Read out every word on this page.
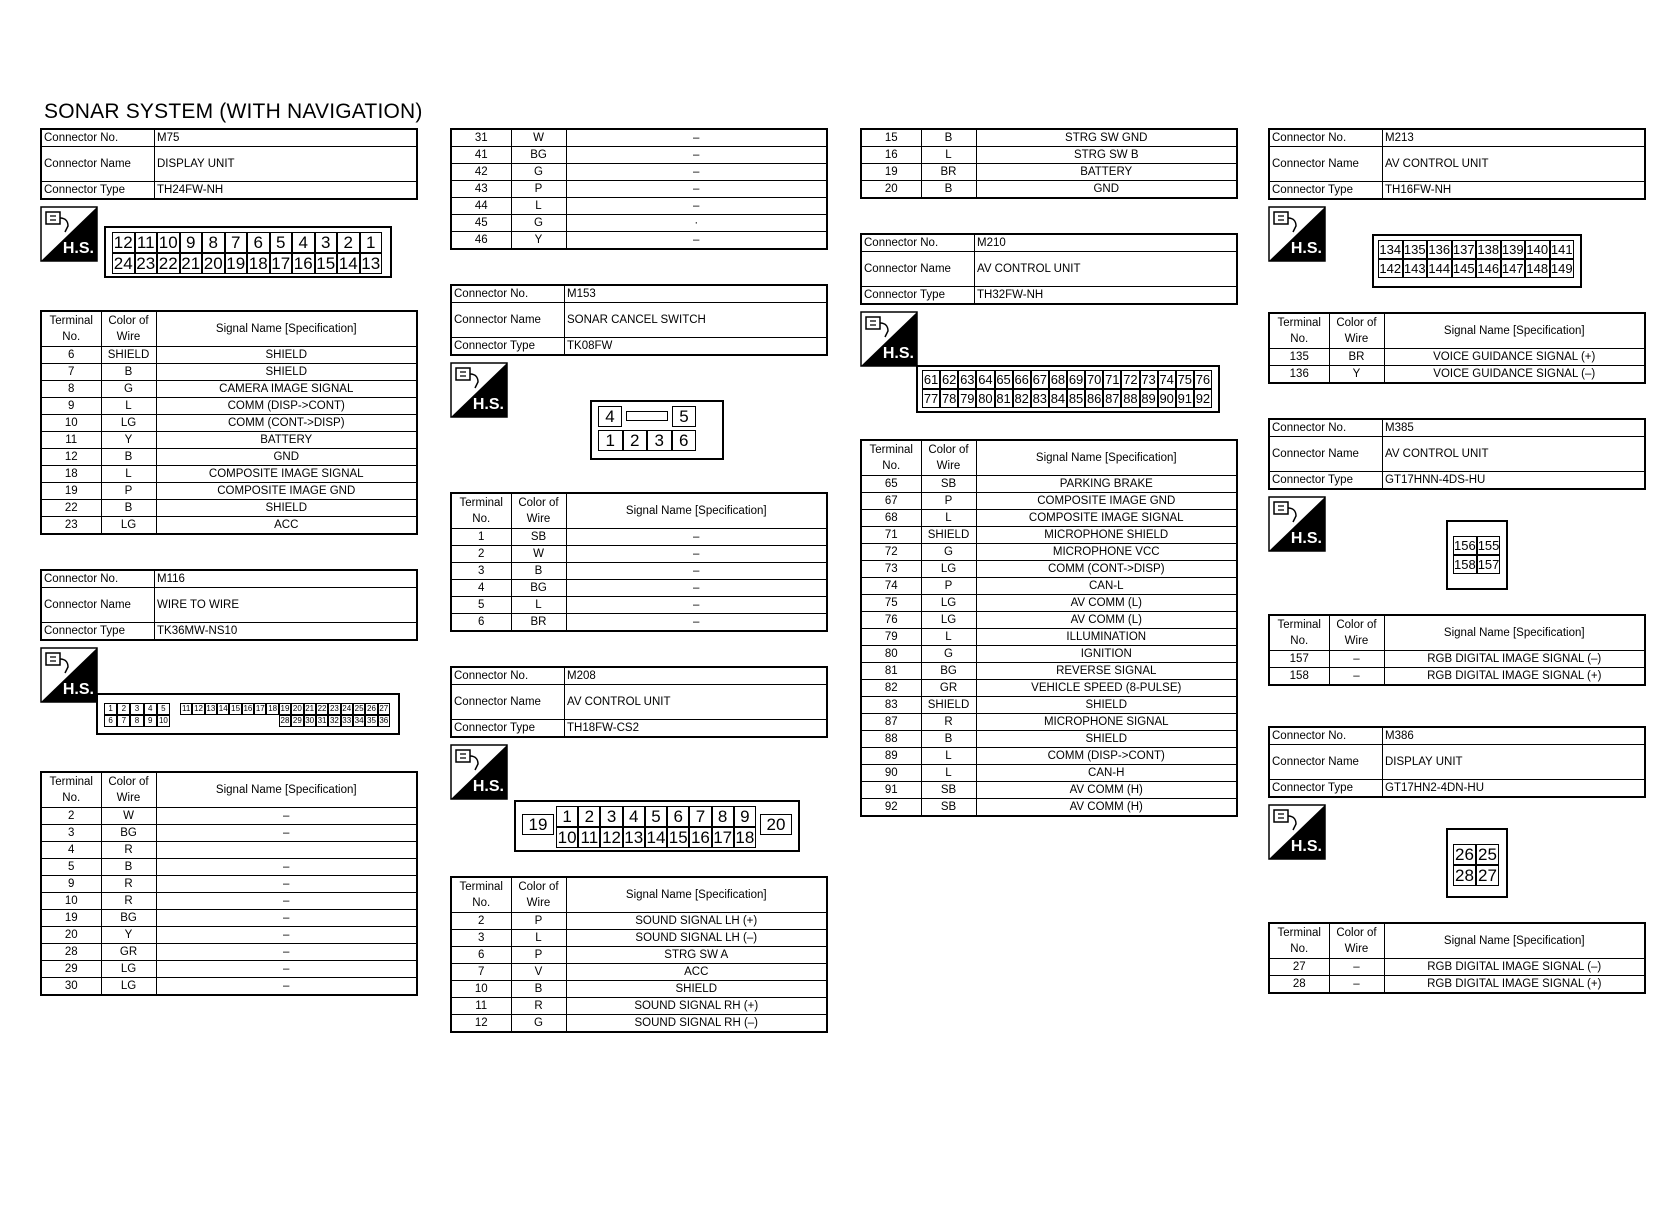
SONAR SYSTEM (WITH NAVIGATION)
Connector No.	M75
Connector Name	DISPLAY UNIT
Connector Type	TH24FW-NH
H.S. 12 11 10 9 8 7 6 5 4 3 2 1
24 23 22 21 20 19 18 17 16 15 14 13
Terminal No.	Color of Wire	Signal Name [Specification]
6	SHIELD	SHIELD
7	B	SHIELD
8	G	CAMERA IMAGE SIGNAL
9	L	COMM (DISP->CONT)
10	LG	COMM (CONT->DISP)
11	Y	BATTERY
12	B	GND
18	L	COMPOSITE IMAGE SIGNAL
19	P	COMPOSITE IMAGE GND
22	B	SHIELD
23	LG	ACC
Connector No.	M116
Connector Name	WIRE TO WIRE
Connector Type	TK36MW-NS10
H.S.
1	2	3	4	5
6	7	8	9 10
11 12 13 14 15 16 17 18 19 20 21 22 23 24 25 26 27
28 29 30 31 32 33 34 35 36
Terminal No.	Color of Wire	Signal Name [Specification]
2	W	–
3	BG	–
4	R	
5	B	–
9	R	–
10	R	–
19	BG	–
20	Y	–
28	GR	–
29	LG	–
30	LG	–
31	W	–
41	BG	–
42	G	–
43	P	–
44	L	–
45	G	·
46	Y	–
Connector No.	M153
Connector Name	SONAR CANCEL SWITCH
Connector Type	TK08FW
H.S.
4	5
1 2 3 6
Terminal No.	Color of Wire	Signal Name [Specification]
1	SB	–
2	W	–
3	B	–
4	BG	–
5	L	–
6	BR	–
Connector No.	M208
Connector Name	AV CONTROL UNIT
Connector Type	TH18FW-CS2
H.S.
19 1 2 3 4 5 6 7 8 9
10 11 12 13 14 15 16 17 18
20
Terminal No.	Color of Wire	Signal Name [Specification]
2	P	SOUND SIGNAL LH (+)
3	L	SOUND SIGNAL LH (–)
6	P	STRG SW A
7	V	ACC
10	B	SHIELD
11	R	SOUND SIGNAL RH (+)
12	G	SOUND SIGNAL RH (–)
15	B	STRG SW GND
16	L	STRG SW B
19	BR	BATTERY
20	B	GND
Connector No.	M210
Connector Name	AV CONTROL UNIT
Connector Type	TH32FW-NH
H.S.
61 62 63 64 65 66 67 68 69 70 71 72 73 74 75 76
77 78 79 80 81 82 83 84 85 86 87 88 89 90 91 92
Terminal No.	Color of Wire	Signal Name [Specification]
65	SB	PARKING BRAKE
67	P	COMPOSITE IMAGE GND
68	L	COMPOSITE IMAGE SIGNAL
71	SHIELD	MICROPHONE SHIELD
72	G	MICROPHONE VCC
73	LG	COMM (CONT->DISP)
74	P	CAN-L
75	LG	AV COMM (L)
76	LG	AV COMM (L)
79	L	ILLUMINATION
80	G	IGNITION
81	BG	REVERSE SIGNAL
82	GR	VEHICLE SPEED (8-PULSE)
83	SHIELD	SHIELD
87	R	MICROPHONE SIGNAL
88	B	SHIELD
89	L	COMM (DISP->CONT)
90	L	CAN-H
91	SB	AV COMM (H)
92	SB	AV COMM (H)
Connector No.	M213
Connector Name	AV CONTROL UNIT
Connector Type	TH16FW-NH
H.S.	134 135 136 137 138 139 140 141
142 143 144 145 146 147 148 149
Terminal No.	Color of Wire	Signal Name [Specification]
135	BR	VOICE GUIDANCE SIGNAL (+)
136	Y	VOICE GUIDANCE SIGNAL (–)
Connector No.	M385
Connector Name	AV CONTROL UNIT
Connector Type	GT17HNN-4DS-HU
H.S.	156 155
158 157
Terminal No.	Color of Wire	Signal Name [Specification]
157	–	RGB DIGITAL IMAGE SIGNAL (–)
158	–	RGB DIGITAL IMAGE SIGNAL (+)
Connector No.	M386
Connector Name	DISPLAY UNIT
Connector Type	GT17HN2-4DN-HU
H.S.	26 25
28 27
Terminal No.	Color of Wire	Signal Name [Specification]
27	–	RGB DIGITAL IMAGE SIGNAL (–)
28	–	RGB DIGITAL IMAGE SIGNAL (+)
